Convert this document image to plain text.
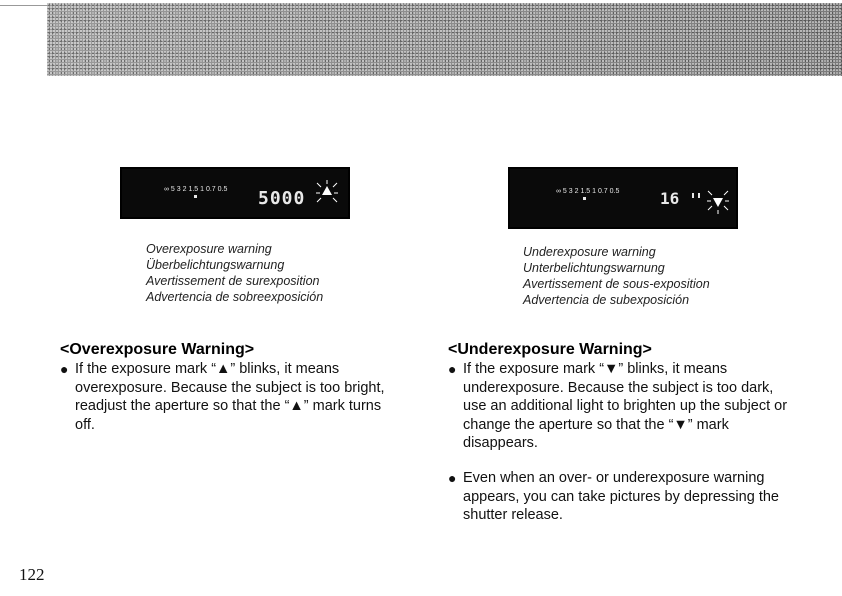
∞ 5 3 2 1.5 1 0.7 0.5 5000	∞ 5 3 2 1.5 1 0.7 0.5	16
Overexposure warning
Überbelichtungswarnung
Avertissement de surexposition
Advertencia de sobreexposición
Underexposure warning
Unterbelichtungswarnung
Avertissement de sous-exposition
Advertencia de subexposición
<Overexposure Warning>
● If the exposure mark “▲” blinks, it means overexposure. Because the subject is too bright, readjust the aperture so that the “▲” mark turns off.
<Underexposure Warning>
● If the exposure mark “▼” blinks, it means underexposure. Because the subject is too dark, use an additional light to brighten up the subject or change the aperture so that the “▼” mark disappears.
● Even when an over- or underexposure warning appears, you can take pictures by depressing the shutter release.
122
